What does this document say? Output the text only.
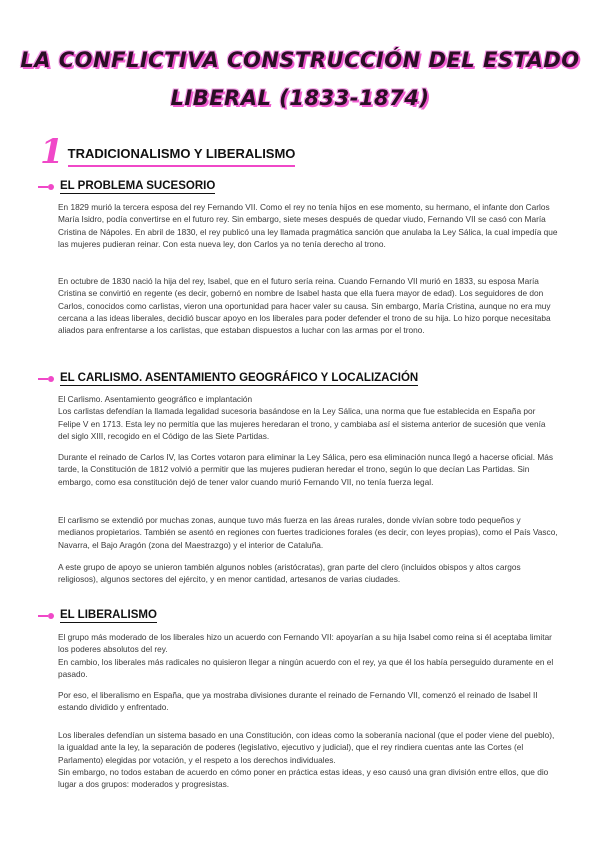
LA CONFLICTIVA CONSTRUCCIÓN DEL ESTADO
LIBERAL (1833-1874)
1 TRADICIONALISMO Y LIBERALISMO
EL PROBLEMA SUCESORIO

En 1829 murió la tercera esposa del rey Fernando VII. Como el rey no tenía hijos en ese momento, su hermano, el infante don Carlos María Isidro, podía convertirse en el futuro rey. Sin embargo, siete meses después de quedar viudo, Fernando VII se casó con María Cristina de Nápoles. En abril de 1830, el rey publicó una ley llamada pragmática sanción que anulaba la Ley Sálica, la cual impedía que las mujeres pudieran reinar. Con esta nueva ley, don Carlos ya no tenía derecho al trono.

En octubre de 1830 nació la hija del rey, Isabel, que en el futuro sería reina. Cuando Fernando VII murió en 1833, su esposa María Cristina se convirtió en regente (es decir, gobernó en nombre de Isabel hasta que ella fuera mayor de edad). Los seguidores de don Carlos, conocidos como carlistas, vieron una oportunidad para hacer valer su causa. Sin embargo, María Cristina, aunque no era muy cercana a las ideas liberales, decidió buscar apoyo en los liberales para poder defender el trono de su hija. Lo hizo porque necesitaba aliados para enfrentarse a los carlistas, que estaban dispuestos a luchar con las armas por el trono.

EL CARLISMO. ASENTAMIENTO GEOGRÁFICO Y LOCALIZACIÓN

El Carlismo. Asentamiento geográfico e implantación
Los carlistas defendían la llamada legalidad sucesoria basándose en la Ley Sálica, una norma que fue establecida en España por Felipe V en 1713. Esta ley no permitía que las mujeres heredaran el trono, y cambiaba así el sistema anterior de sucesión que venía del siglo XIII, recogido en el Código de las Siete Partidas.

Durante el reinado de Carlos IV, las Cortes votaron para eliminar la Ley Sálica, pero esa eliminación nunca llegó a hacerse oficial. Más tarde, la Constitución de 1812 volvió a permitir que las mujeres pudieran heredar el trono, según lo que decían Las Partidas. Sin embargo, como esa constitución dejó de tener valor cuando murió Fernando VII, no tenía fuerza legal.

El carlismo se extendió por muchas zonas, aunque tuvo más fuerza en las áreas rurales, donde vivían sobre todo pequeños y medianos propietarios. También se asentó en regiones con fuertes tradiciones forales (es decir, con leyes propias), como el País Vasco, Navarra, el Bajo Aragón (zona del Maestrazgo) y el interior de Cataluña.

A este grupo de apoyo se unieron también algunos nobles (aristócratas), gran parte del clero (incluidos obispos y altos cargos religiosos), algunos sectores del ejército, y en menor cantidad, artesanos de varias ciudades.

EL LIBERALISMO

El grupo más moderado de los liberales hizo un acuerdo con Fernando VII: apoyarían a su hija Isabel como reina si él aceptaba limitar los poderes absolutos del rey.
En cambio, los liberales más radicales no quisieron llegar a ningún acuerdo con el rey, ya que él los había perseguido duramente en el pasado.

Por eso, el liberalismo en España, que ya mostraba divisiones durante el reinado de Fernando VII, comenzó el reinado de Isabel II estando dividido y enfrentado.

Los liberales defendían un sistema basado en una Constitución, con ideas como la soberanía nacional (que el poder viene del pueblo), la igualdad ante la ley, la separación de poderes (legislativo, ejecutivo y judicial), que el rey rindiera cuentas ante las Cortes (el Parlamento) elegidas por votación, y el respeto a los derechos individuales.
Sin embargo, no todos estaban de acuerdo en cómo poner en práctica estas ideas, y eso causó una gran división entre ellos, que dio lugar a dos grupos: moderados y progresistas.
